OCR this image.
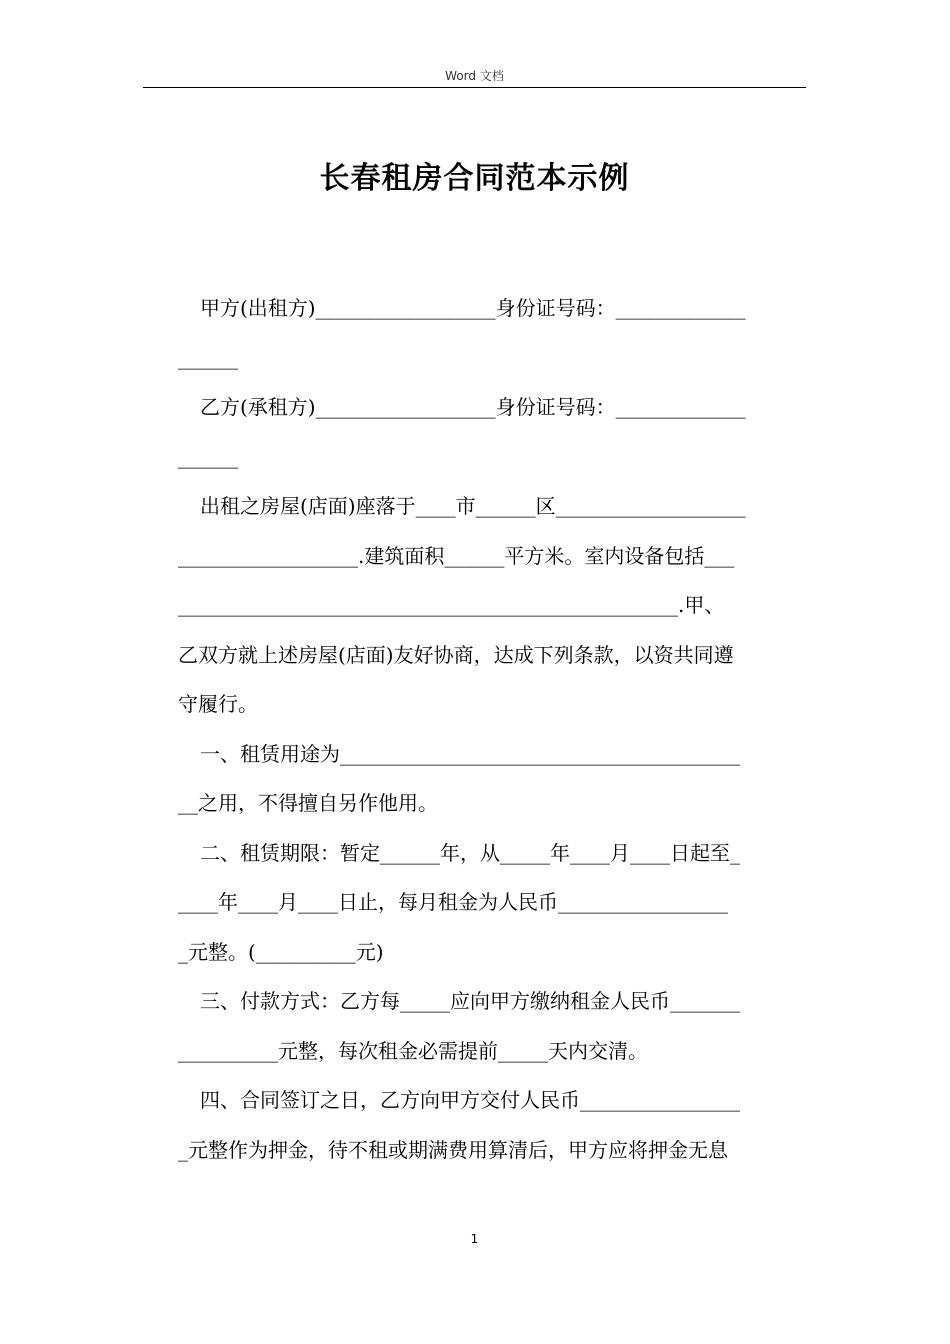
Word 文档
长春租房合同范本示例
甲方(出租方)__________________身份证号码：_____________
______
乙方(承租方)__________________身份证号码：_____________
______
出租之房屋(店面)座落于____市______区___________________
__________________.建筑面积______平方米。室内设备包括___
__________________________________________________.甲、
乙双方就上述房屋(店面)友好协商，达成下列条款，以资共同遵
守履行。
一、租赁用途为________________________________________
__之用，不得擅自另作他用。
二、租赁期限：暂定______年，从_____年____月____日起至_
____年____月____日止，每月租金为人民币_________________
_元整。(__________元)
三、付款方式：乙方每_____应向甲方缴纳租金人民币_______
__________元整，每次租金必需提前_____天内交清。
四、合同签订之日，乙方向甲方交付人民币________________
_元整作为押金，待不租或期满费用算清后，甲方应将押金无息
1
